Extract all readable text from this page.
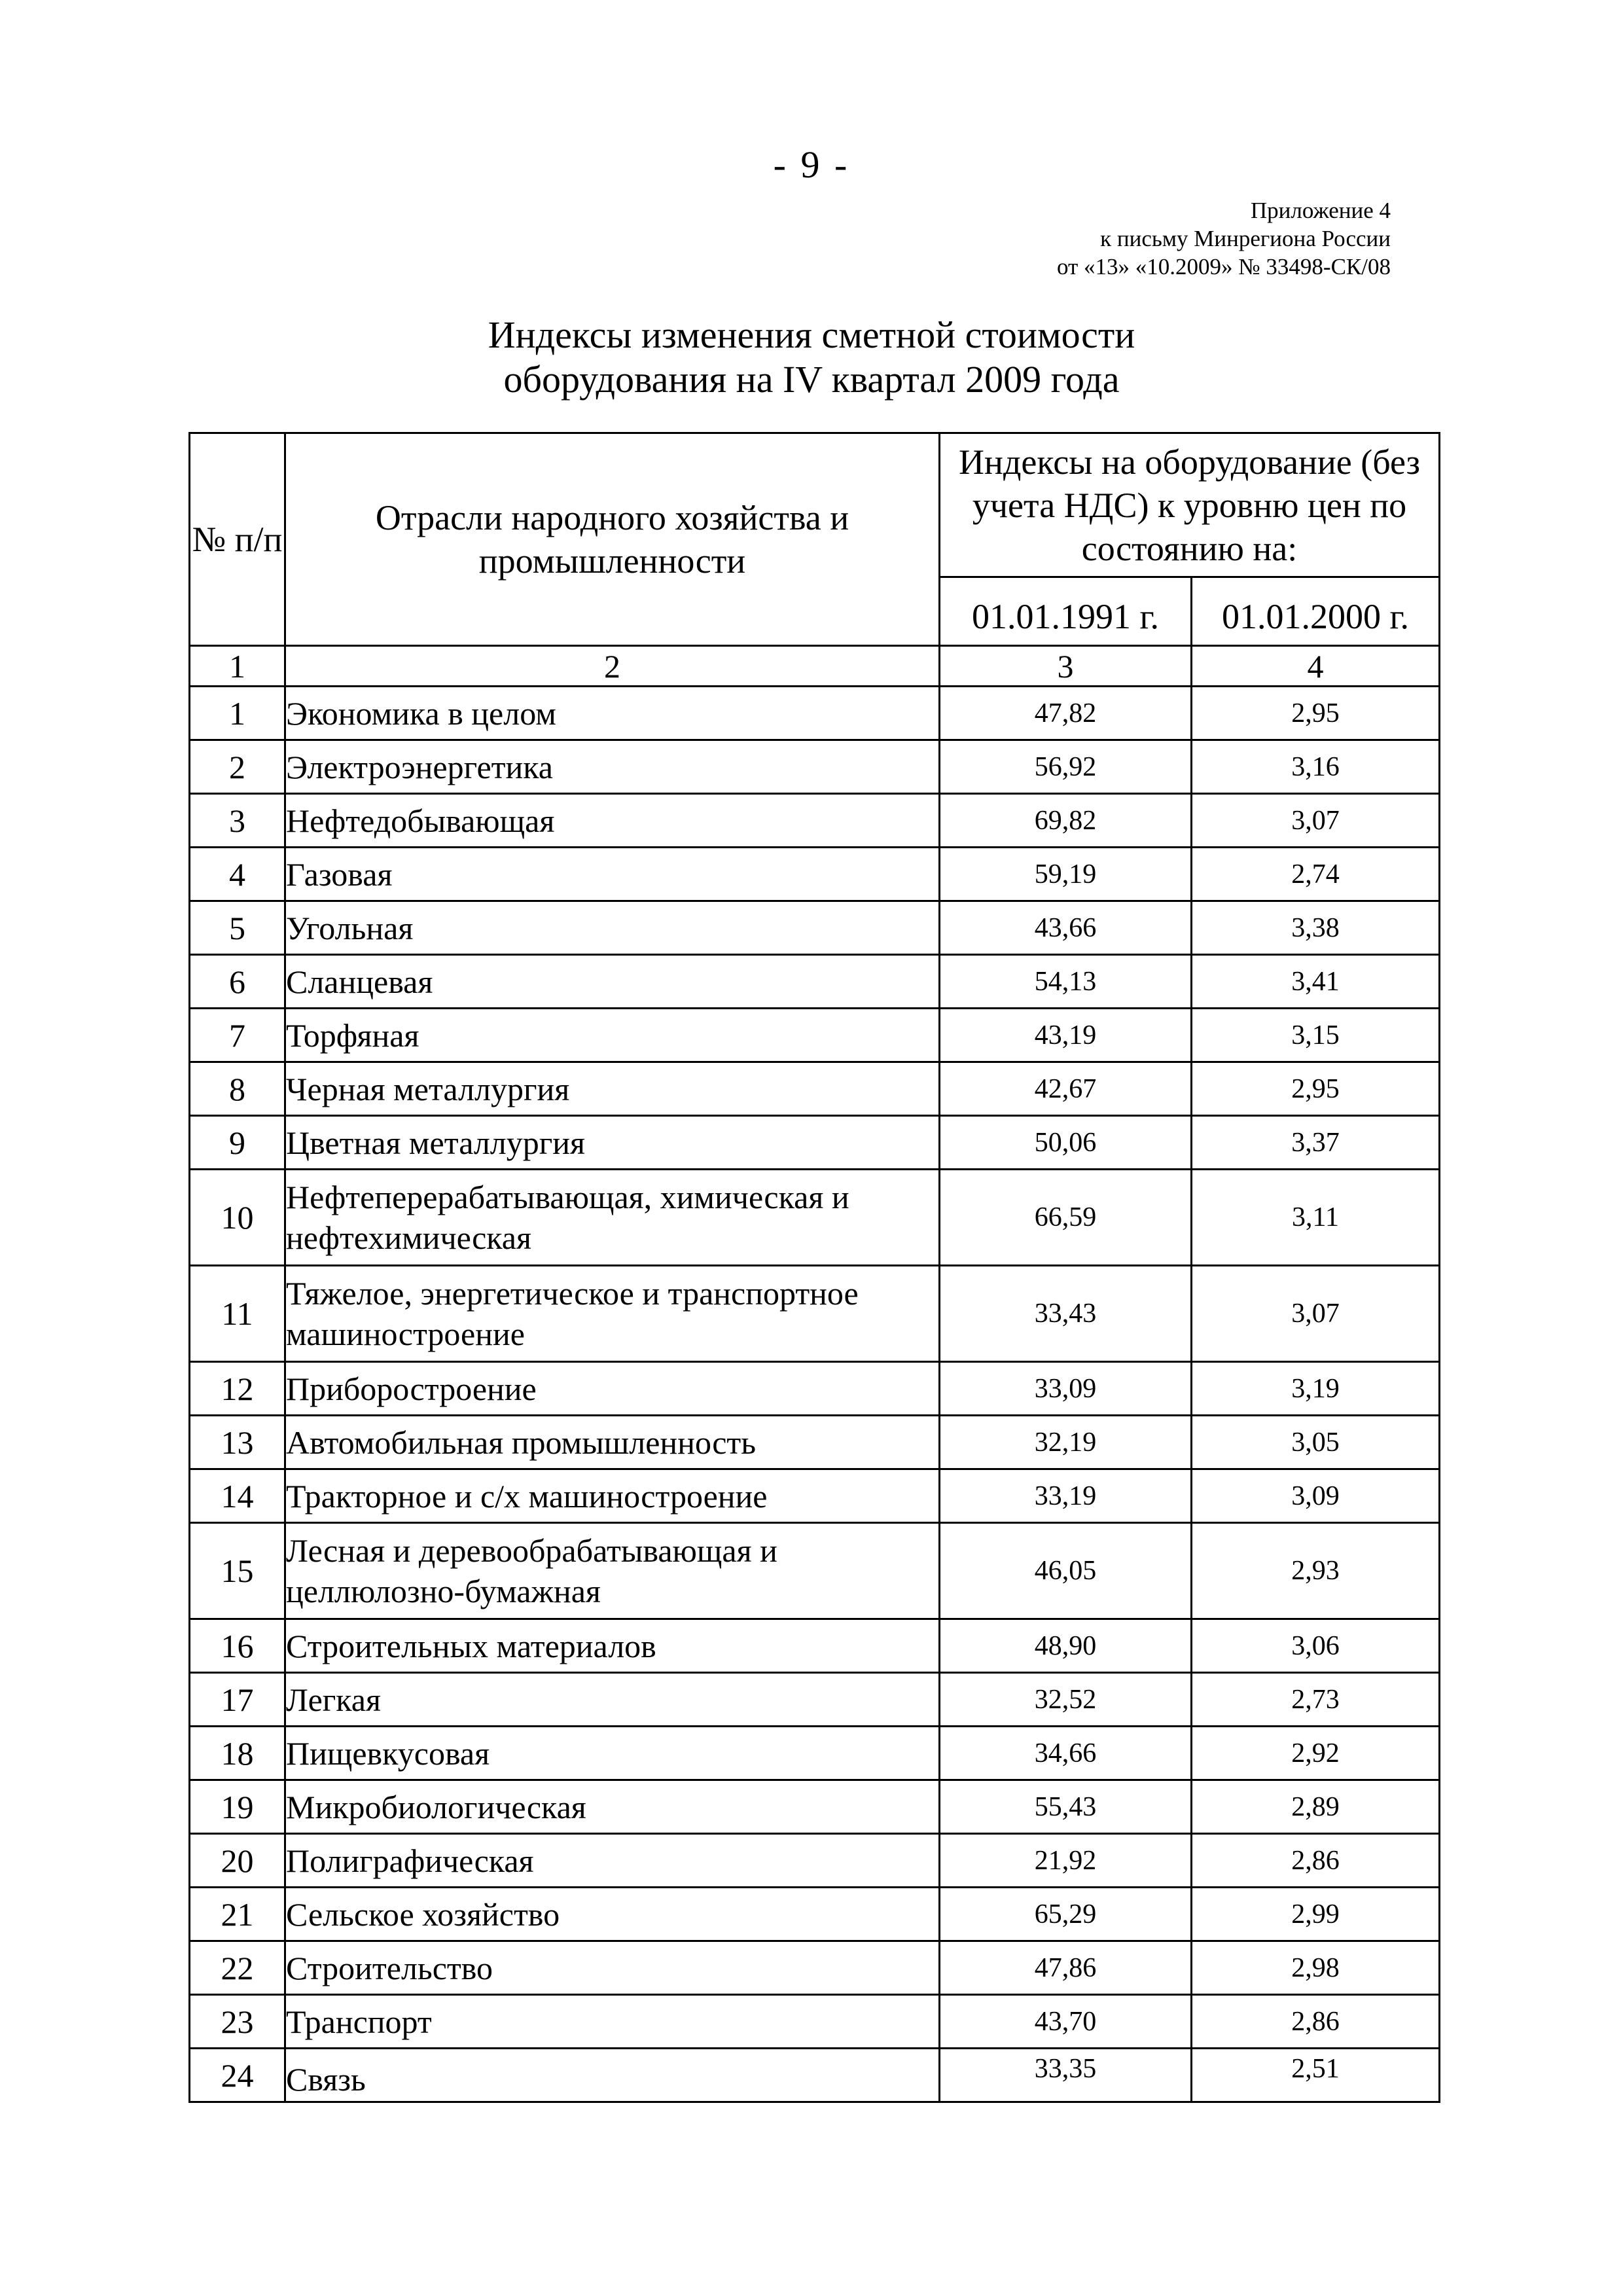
- 9 -
Приложение 4
к письму Минрегиона России
от «13» «10.2009» № 33498-СК/08
Индексы изменения сметной стоимости
оборудования на IV квартал 2009 года
№ п/п	Отрасли народного хозяйства и промышленности	Индексы на оборудование (без учета НДС) к уровню цен по состоянию на:	
		01.01.1991 г.	01.01.2000 г.
1	2	3	4
1	Экономика в целом	47,82	2,95
2	Электроэнергетика	56,92	3,16
3	Нефтедобывающая	69,82	3,07
4	Газовая	59,19	2,74
5	Угольная	43,66	3,38
6	Сланцевая	54,13	3,41
7	Торфяная	43,19	3,15
8	Черная металлургия	42,67	2,95
9	Цветная металлургия	50,06	3,37
10	Нефтеперерабатывающая, химическая и нефтехимическая	66,59	3,11
11	Тяжелое, энергетическое и транспортное машиностроение	33,43	3,07
12	Приборостроение	33,09	3,19
13	Автомобильная промышленность	32,19	3,05
14	Тракторное и с/х машиностроение	33,19	3,09
15	Лесная и деревообрабатывающая и целлюлозно-бумажная	46,05	2,93
16	Строительных материалов	48,90	3,06
17	Легкая	32,52	2,73
18	Пищевкусовая	34,66	2,92
19	Микробиологическая	55,43	2,89
20	Полиграфическая	21,92	2,86
21	Сельское хозяйство	65,29	2,99
22	Строительство	47,86	2,98
23	Транспорт	43,70	2,86
24	Связь	33,35	2,51
